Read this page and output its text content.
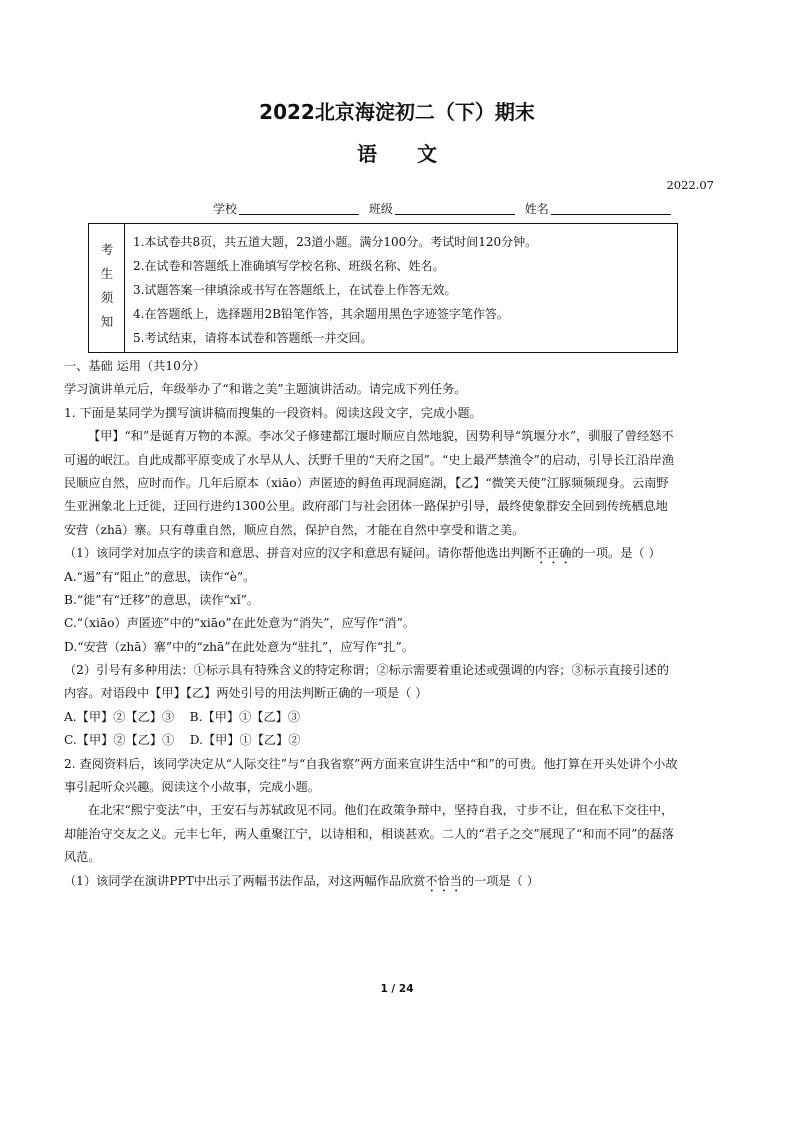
2022北京海淀初二（下）期末
语文
2022.07
学校	班级	姓名
考
生
须
知
1.本试卷共8页，共五道大题，23道小题。满分100分。考试时间120分钟。
2.在试卷和答题纸上准确填写学校名称、班级名称、姓名。
3.试题答案一律填涂或书写在答题纸上，在试卷上作答无效。
4.在答题纸上，选择题用2B铅笔作答，其余题用黑色字迹签字笔作答。
5.考试结束，请将本试卷和答题纸一并交回。
一、基础 运用（共10分）
学习演讲单元后，年级举办了“和谐之美”主题演讲活动。请完成下列任务。
1. 下面是某同学为撰写演讲稿而搜集的一段资料。阅读这段文字，完成小题。
【甲】“和”是诞育万物的本源。李冰父子修建都江堰时顺应自然地貌，因势利导“筑堰分水”，驯服了曾经怒不
可遏的岷江。自此成都平原变成了水旱从人、沃野千里的“天府之国”。“史上最严禁渔令”的启动，引导长江沿岸渔
民顺应自然，应时而作。几年后原本（xiāo）声匿迹的鲟鱼再现洞庭湖，【乙】“微笑天使”江豚频频现身。云南野
生亚洲象北上迁徙，迂回行进约1300公里。政府部门与社会团体一路保护引导，最终使象群安全回到传统栖息地
安营（zhā）寨。只有尊重自然，顺应自然，保护自然，才能在自然中享受和谐之美。
（1）该同学对加点字的读音和意思、拼音对应的汉字和意思有疑问。请你帮他选出判断不正确的一项。是（ ）
A.“遏”有“阻止”的意思，读作“è”。
B.“徙”有“迁移”的意思，读作“xǐ”。
C.“（xiāo）声匿迹”中的“xiāo”在此处意为“消失”，应写作“消”。
D.“安营（zhā）寨”中的“zhā”在此处意为“驻扎”，应写作“扎”。
（2）引号有多种用法：①标示具有特殊含义的特定称谓；②标示需要着重论述或强调的内容；③标示直接引述的
内容。对语段中【甲】【乙】两处引号的用法判断正确的一项是（ ）
A.【甲】②【乙】③    B.【甲】①【乙】③
C.【甲】②【乙】①    D.【甲】①【乙】②
2. 查阅资料后，该同学决定从“人际交往”与“自我省察”两方面来宣讲生活中“和”的可贵。他打算在开头处讲个小故
事引起听众兴趣。阅读这个小故事，完成小题。
在北宋“熙宁变法”中，王安石与苏轼政见不同。他们在政策争辩中，坚持自我，寸步不让，但在私下交往中，
却能治守交友之义。元丰七年，两人重聚江宁，以诗相和，相谈甚欢。二人的“君子之交”展现了“和而不同”的磊落
风范。
（1）该同学在演讲PPT中出示了两幅书法作品，对这两幅作品欣赏不恰当的一项是（ ）
1 / 24
